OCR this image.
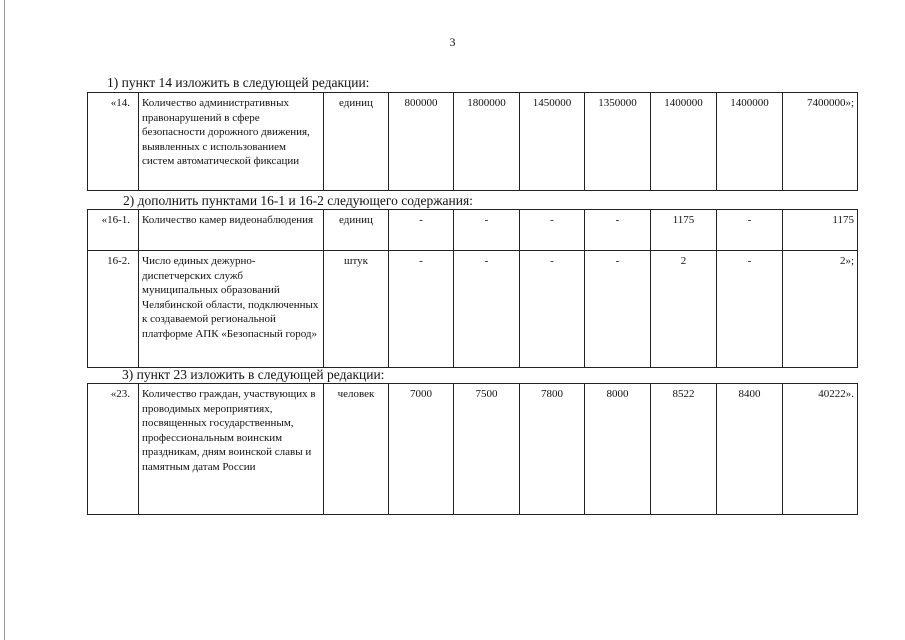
3
1) пункт 14 изложить в следующей редакции:
«14.	Количество административных правонарушений в сфере безопасности дорожного движения, выявленных с использованием систем автоматической фиксации	единиц	800000	1800000	1450000	1350000	1400000	1400000	7400000»;
2) дополнить пунктами 16-1 и 16-2 следующего содержания:
«16-1.	Количество камер видеонаблюдения	единиц	-	-	-	-	1175	-	1175
16-2.	Число единых дежурно-диспетчерских служб муниципальных образований Челябинской области, подключенных к создаваемой региональной платформе АПК «Безопасный город»	штук	-	-	-	-	2	-	2»;
3) пункт 23 изложить в следующей редакции:
«23.	Количество граждан, участвующих в проводимых мероприятиях, посвященных государственным, профессиональным воинским праздникам, дням воинской славы и памятным датам России	человек	7000	7500	7800	8000	8522	8400	40222».
